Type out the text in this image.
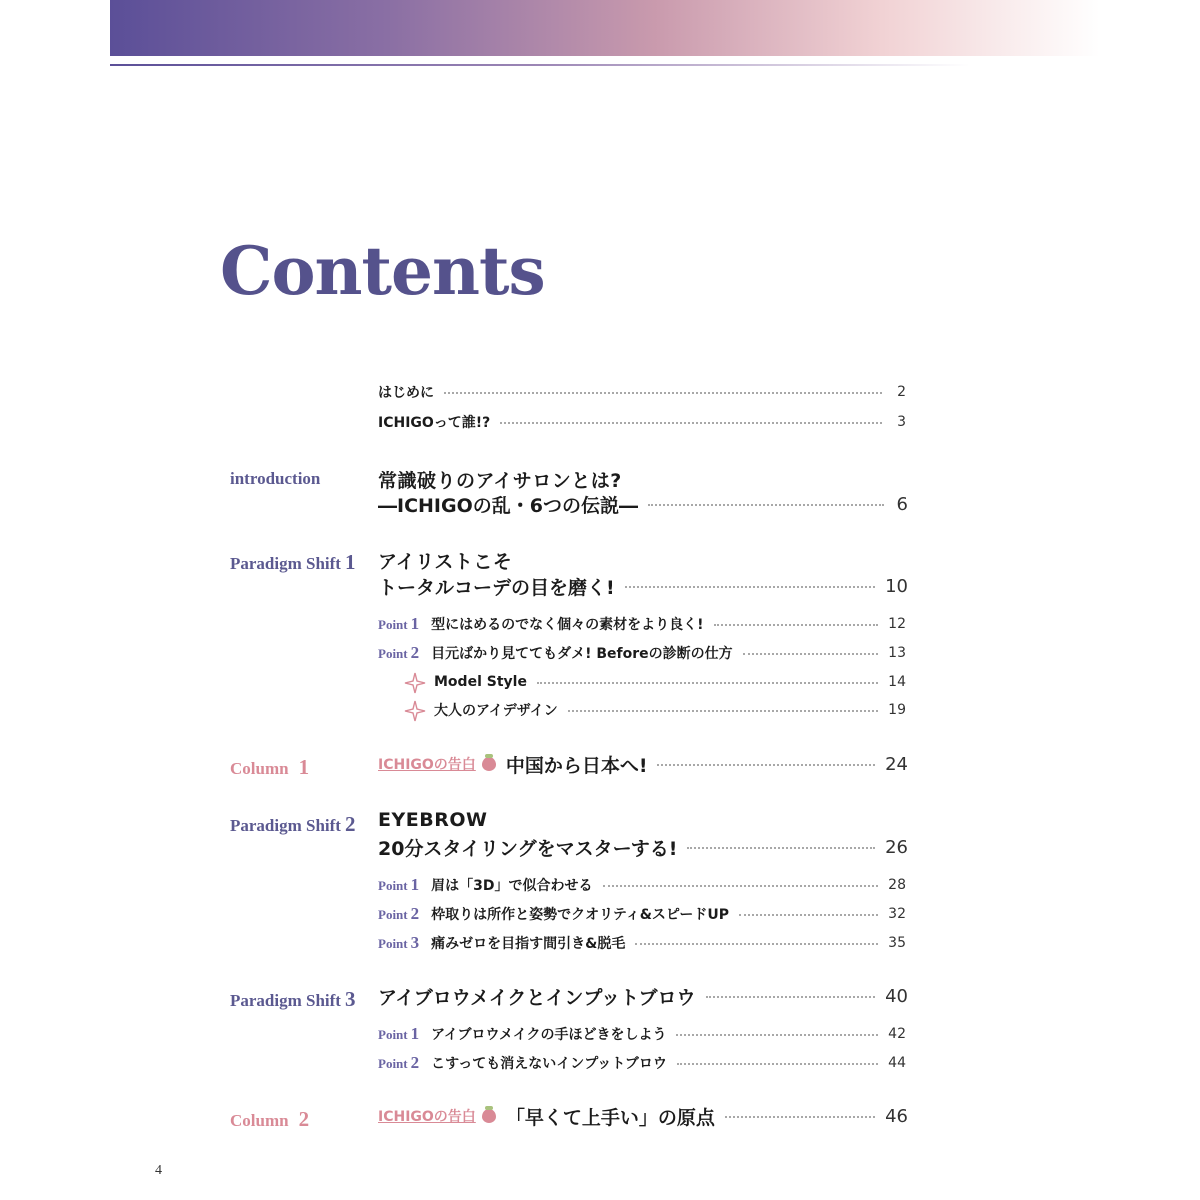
Contents
はじめに	2
ICHIGOって誰!?	3
introduction	常識破りのアイサロンとは?
―ICHIGOの乱・6つの伝説―	6
Paradigm Shift 1 アイリストこそ
トータルコーデの目を磨く!	10
Point 1 型にはめるのでなく個々の素材をより良く!	12
Point 2 目元ばかり見ててもダメ! Beforeの診断の仕方	13
Model Style	14
大人のアイデザイン	19
Column 1	ICHIGOの告白 中国から日本へ!	24
Paradigm Shift 2 EYEBROW
20分スタイリングをマスターする!	26
Point 1 眉は「3D」で似合わせる	28
Point 2 枠取りは所作と姿勢でクオリティ&スピードUP	32
Point 3 痛みゼロを目指す間引き&脱毛	35
Paradigm Shift 3 アイブロウメイクとインプットブロウ	40
Point 1 アイブロウメイクの手ほどきをしよう	42
Point 2 こすっても消えないインプットブロウ	44
Column 2	ICHIGOの告白 「早くて上手い」の原点	46
4
